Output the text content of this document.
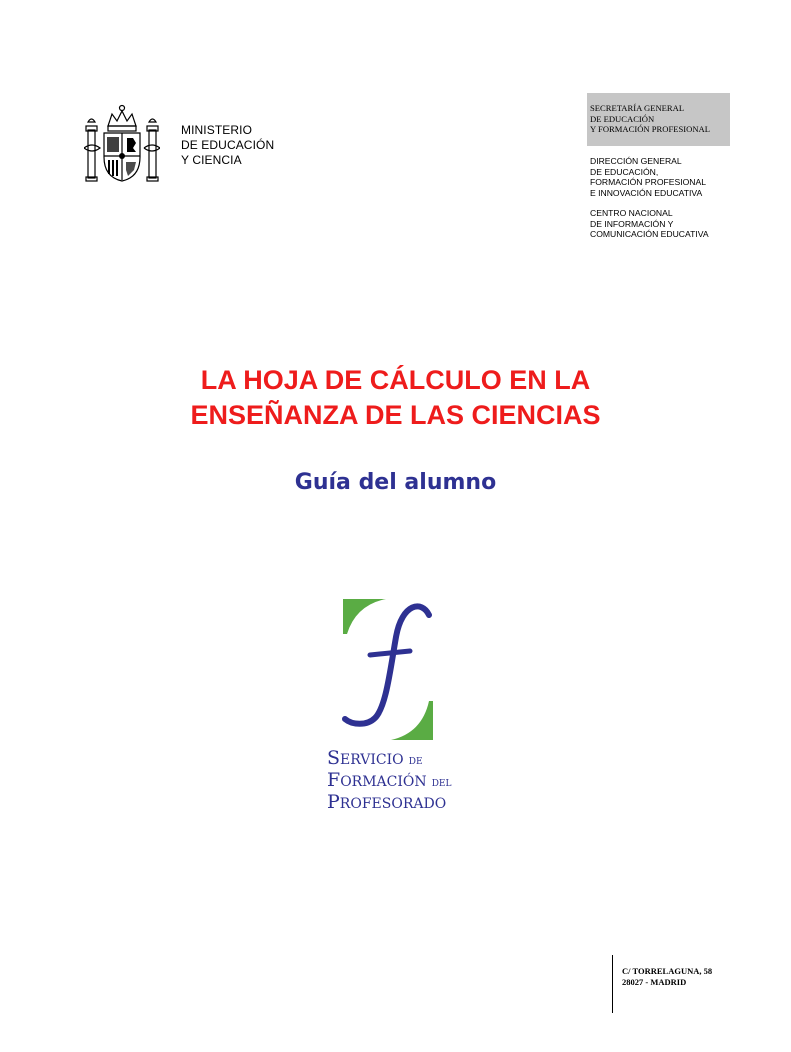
MINISTERIO
DE EDUCACIÓN
Y CIENCIA
SECRETARÍA GENERAL
DE EDUCACIÓN
Y FORMACIÓN PROFESIONAL
DIRECCIÓN GENERAL
DE EDUCACIÓN,
FORMACIÓN PROFESIONAL
E INNOVACIÓN EDUCATIVA
CENTRO NACIONAL
DE INFORMACIÓN Y
COMUNICACIÓN EDUCATIVA
LA HOJA DE CÁLCULO EN LA
ENSEÑANZA DE LAS CIENCIAS
Guía del alumno
f
SERVICIO DE
FORMACIÓN DEL
PROFESORADO
C/ TORRELAGUNA, 58
28027 - MADRID
